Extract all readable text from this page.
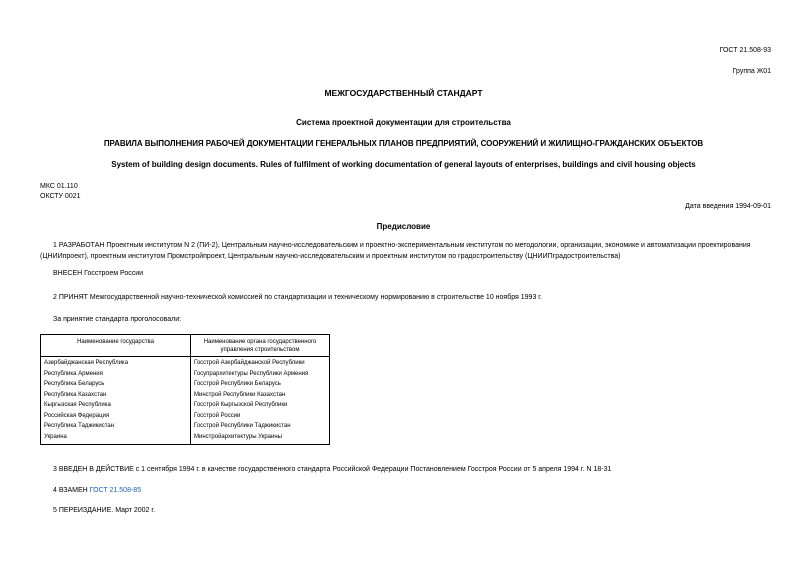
ГОСТ 21.508-93
Группа Ж01
МЕЖГОСУДАРСТВЕННЫЙ СТАНДАРТ
Система проектной документации для строительства
ПРАВИЛА ВЫПОЛНЕНИЯ РАБОЧЕЙ ДОКУМЕНТАЦИИ ГЕНЕРАЛЬНЫХ ПЛАНОВ ПРЕДПРИЯТИЙ, СООРУЖЕНИЙ И ЖИЛИЩНО-ГРАЖДАНСКИХ ОБЪЕКТОВ
System of building design documents. Rules of fulfilment of working documentation of general layouts of enterprises, buildings and civil housing objects
МКС 01.110
ОКСТУ 0021
Дата введения 1994-09-01
Предисловие
1 РАЗРАБОТАН Проектным институтом N 2 (ПИ-2), Центральным научно-исследовательским и проектно-экспериментальным институтом по методологии, организации, экономике и автоматизации проектирования (ЦНИИпроект), проектным институтом Промстройпроект, Центральным научно-исследовательским и проектным институтом по градостроительству (ЦНИИПградостроительства)
ВНЕСЕН Госстроем России
2 ПРИНЯТ Межгосударственной научно-технической комиссией по стандартизации и техническому нормированию в строительстве 10 ноября 1993 г.
За принятие стандарта проголосовали:
Наименование государства	Наименование органа государственного управления строительством
Азербайджанская Республика	Госстрой Азербайджанской Республики
Республика Армения	Госупрархитектуры Республики Армения
Республика Беларусь	Госстрой Республики Беларусь
Республика Казахстан	Минстрой Республики Казахстан
Кыргызская Республика	Госстрой Кыргызской Республики
Российская Федерация	Госстрой России
Республика Таджикистан	Госстрой Республики Таджикистан
Украина	Минстройархитектуры Украины
3 ВВЕДЕН В ДЕЙСТВИЕ с 1 сентября 1994 г. в качестве государственного стандарта Российской Федерации Постановлением Госстроя России от 5 апреля 1994 г. N 18-31
4 ВЗАМЕН ГОСТ 21.508-85
5 ПЕРЕИЗДАНИЕ. Март 2002 г.
